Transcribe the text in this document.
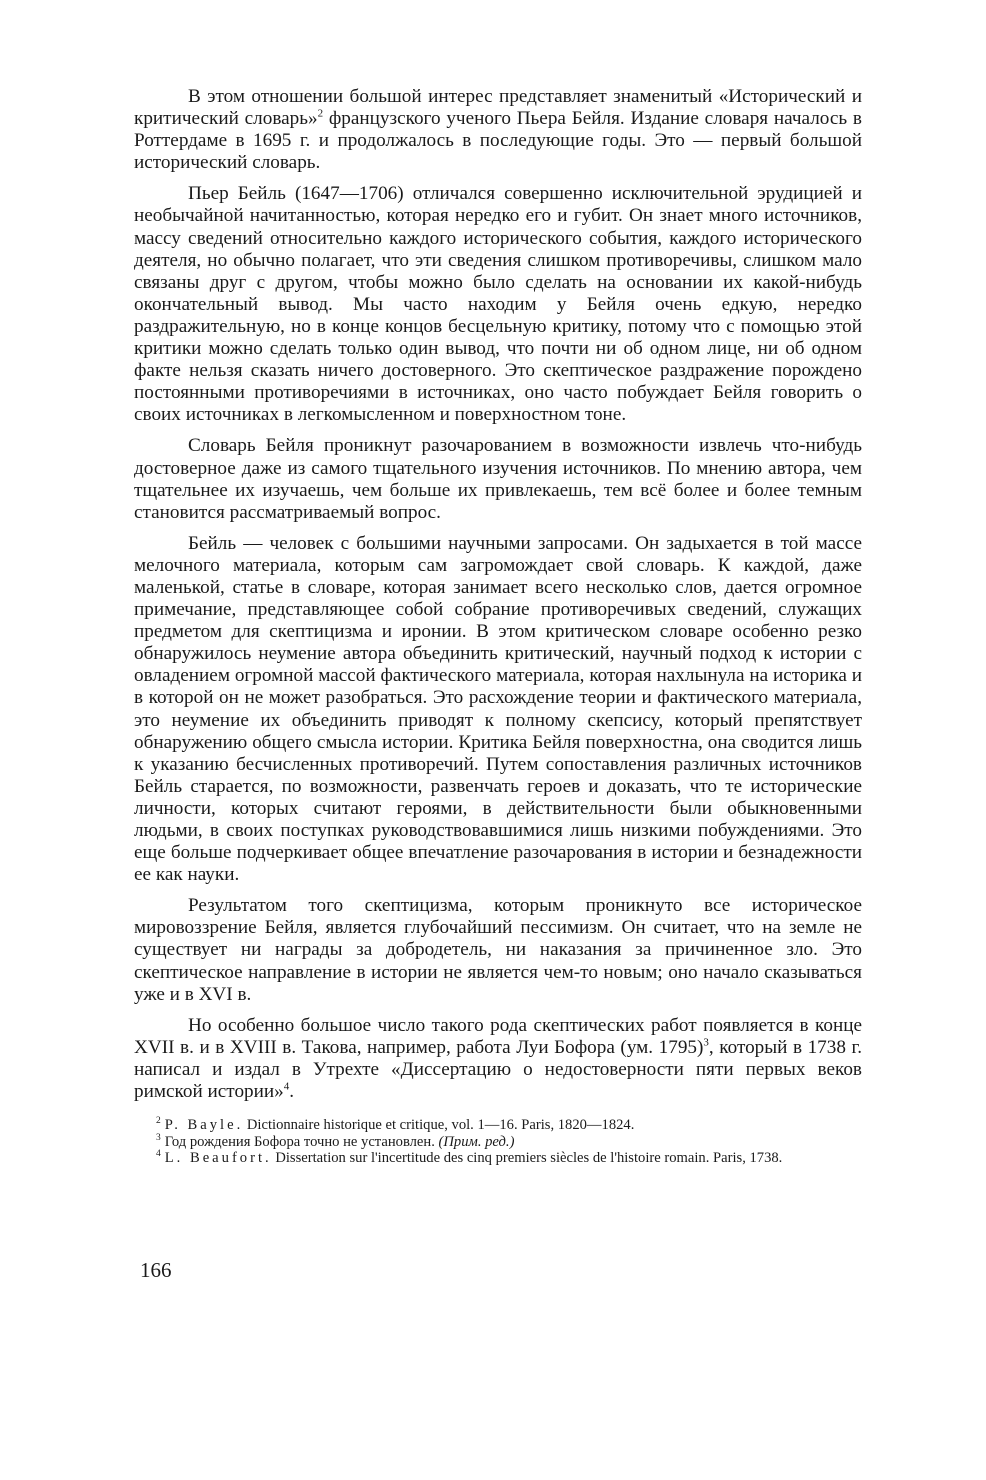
В этом отношении большой интерес представляет знаменитый «Исторический и критический словарь»$^2$ французского ученого Пьера Бейля. Издание словаря началось в Роттердаме в 1695 г. и продолжалось в последующие годы. Это — первый большой исторический словарь.

Пьер Бейль (1647—1706) отличался совершенно исключительной эрудицией и необычайной начитанностью, которая нередко его и губит. Он знает много источников, массу сведений относительно каждого исторического события, каждого исторического деятеля, но обычно полагает, что эти сведения слишком противоречивы, слишком мало связаны друг с другом, чтобы можно было сделать на основании их какой-нибудь окончательный вывод. Мы часто находим у Бейля очень едкую, нередко раздражительную, но в конце концов бесцельную критику, потому что с помощью этой критики можно сделать только один вывод, что почти ни об одном лице, ни об одном факте нельзя сказать ничего достоверного. Это скептическое раздражение порождено постоянными противоречиями в источниках, оно часто побуждает Бейля говорить о своих источниках в легкомысленном и поверхностном тоне.

Словарь Бейля проникнут разочарованием в возможности извлечь что-нибудь достоверное даже из самого тщательного изучения источников. По мнению автора, чем тщательнее их изучаешь, чем больше их привлекаешь, тем всё более и более темным становится рассматриваемый вопрос.

Бейль — человек с большими научными запросами. Он задыхается в той массе мелочного материала, которым сам загромождает свой словарь. К каждой, даже маленькой, статье в словаре, которая занимает всего несколько слов, дается огромное примечание, представляющее собой собрание противоречивых сведений, служащих предметом для скептицизма и иронии. В этом критическом словаре особенно резко обнаружилось неумение автора объединить критический, научный подход к истории с овладением огромной массой фактического материала, которая нахлынула на историка и в которой он не может разобраться. Это расхождение теории и фактического материала, это неумение их объединить приводят к полному скепсису, который препятствует обнаружению общего смысла истории. Критика Бейля поверхностна, она сводится лишь к указанию бесчисленных противоречий. Путем сопоставления различных источников Бейль старается, по возможности, развенчать героев и доказать, что те исторические личности, которых считают героями, в действительности были обыкновенными людьми, в своих поступках руководствовавшимися лишь низкими побуждениями. Это еще больше подчеркивает общее впечатление разочарования в истории и безнадежности ее как науки.

Результатом того скептицизма, которым проникнуто все историческое мировоззрение Бейля, является глубочайший пессимизм. Он считает, что на земле не существует ни награды за добродетель, ни наказания за причиненное зло. Это скептическое направление в истории не является чем-то новым; оно начало сказываться уже и в XVI в.

Но особенно большое число такого рода скептических работ появляется в конце XVII в. и в XVIII в. Такова, например, работа Луи Бофора (ум. 1795)$^3$, который в 1738 г. написал и издал в Утрехте «Диссертацию о недостоверности пяти первых веков римской истории»$^4$.

$^2$ P. Bayle. Dictionnaire historique et critique, vol. 1—16. Paris, 1820—1824.

$^3$ Год рождения Бофора точно не установлен. (Прим. ред.)

$^4$ L. Beaufort. Dissertation sur l'incertitude des cinq premiers siècles de l'histoire romain. Paris, 1738.

166
